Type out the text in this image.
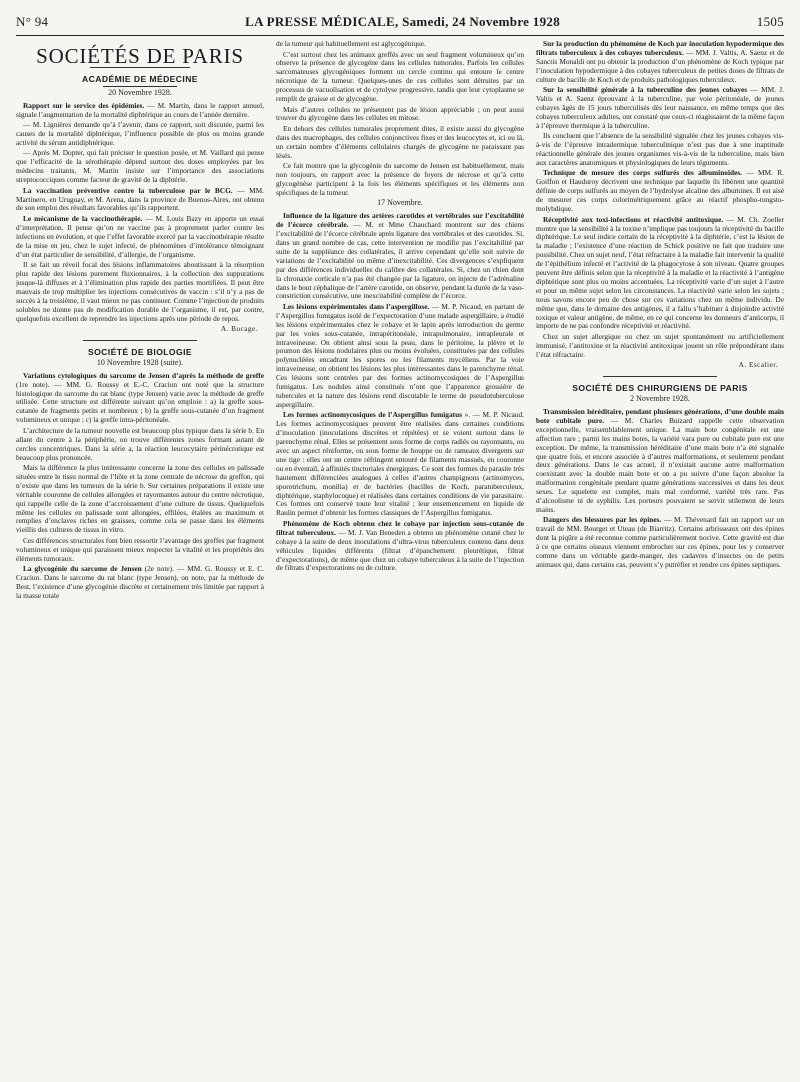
N° 94	LA PRESSE MÉDICALE, Samedi, 24 Novembre 1928	1505
SOCIÉTÉS DE PARIS
ACADÉMIE DE MÉDECINE
20 Novembre 1928.

Rapport sur le service des épidémies. — M. Martin, dans le rapport annuel, signale l’augmentation de la mortalité diphtérique au cours de l’année dernière.

— M. Lignières demande qu’à l’avenir, dans ce rapport, soit discutée, parmi les causes de la mortalité diphtérique, l’influence possible de plus ou moins grande activité du sérum antidiphtérique.

— Après M. Dopter, qui fait préciser le question posée, et M. Vaillard qui pense que l’efficacité de la sérothérapie dépend surtout des doses employées par les médecins traitants, M. Martin insiste sur l’importance des associations streptococciques comme facteur de gravité de la diphtérie.

La vaccination préventive contre la tuberculose par le BCG. — MM. Martinero, en Uruguay, et M. Arena, dans la province de Buenos-Aires, ont obtenu de son emploi des résultats favorables qu’ils rapportent.

Le mécanisme de la vaccinothérapie. — M. Louis Bazy en apporte un essai d’interprétation. Il pense qu’on ne vaccine pas à proprement parler contre les infections en évolution, et que l’effet favorable exercé par la vaccinothérapie résulte de la mise en jeu, chez le sujet infecté, de phénomènes d’intolérance témoignant d’un état particulier de sensibilité, d’allergie, de l’organisme.

Il se fait un réveil focal des lésions inflammatoires aboutissant à la résorption plus rapide des lésions purement fluxionnaires, à la collection des suppurations jusque-là diffuses et à l’élimination plus rapide des parties mortifiées. Il peut être mauvais de trop multiplier les injections consécutives de vaccin : s’il n’y a pas de succès à la troisième, il vaut mieux ne pas continuer. Comme l’injection de produits solubles ne donne pas de modification durable de l’organisme, il est, par contre, quelquefois excellent de reprendre les injections après une période de repos.

A. Bocage.
SOCIÉTÉ DE BIOLOGIE
10 Novembre 1928 (suite).

Variations cytologiques du sarcome de Jensen d’après la méthode de greffe (1re note). — MM. G. Roussy et E.-C. Craciun ont noté que la structure histologique du sarcome du rat blanc (type Jensen) varie avec la méthode de greffe utilisée. Cette structure est différente suivant qu’on emploie : a) la greffe sous-cutanée de fragments petits et nombreux ; b) la greffe sous-cutanée d’un fragment volumineux et unique ; c) la greffe intra-péritonéale.

L’architecture de la tumeur nouvelle est beaucoup plus typique dans la série b. En allant du centre à la périphérie, on trouve différentes zones formant autant de cercles concentriques. Dans la série a, la réaction leucocytaire périnécrotique est beaucoup plus prononcée.

Mais la différence la plus intéressante concerne la zone des cellules en palissade situées entre le tissu normal de l’hôte et la zone centrale de nécrose du greffon, qui n’existe que dans les tumeurs de la série b. Sur certaines préparations il existe une véritable couronne de cellules allongées et rayonnantes autour du centre nécrotique, qui rappelle celle de la zone d’accroissement d’une culture de tissus. Quelquefois même les cellules en palissade sont allongées, effilées, étalées au maximum et remplies d’enclaves riches en graisses, comme cela se passe dans les éléments vieillis des cultures de tissus in vitro.

Ces différences structurales font bien ressortir l’avantage des greffes par fragment volumineux et unique qui paraissent mieux respecter la vitalité et les propriétés des éléments tumoraux.

La glycogénie du sarcome de Jensen (2e note). — MM. G. Roussy et E. C. Craciun. Dans le sarcome du rat blanc (type Jensen), on note, par la méthode de Best, l’existence d’une glycogénie discrète et certainement très limitée par rapport à la masse totale

de la tumeur qui habituellement est aglycogénique.

C’est surtout chez les animaux greffés avec un seul fragment volumineux qu’on observe la présence de glycogène dans les cellules tumorales. Parfois les cellules sarcomateuses glycogéniques forment un cercle continu qui entoure le centre nécrotique de la tumeur. Quelques-unes de ces cellules sont détruites par un processus de vacuolisation et de cytolyse progressive, tandis que leur cytoplasme se remplit de graisse et de glycogène.

Mais d’autres cellules ne présentent pas de lésion appréciable ; on peut aussi trouver du glycogène dans les cellules en mitose.

En dehors des cellules tumorales proprement dites, il existe aussi du glycogène dans des macrophages, des cellules conjonctives fixes et des leucocytes et, ici ou là, un certain nombre d’éléments cellulaires chargés de glycogène ne paraissant pas lésés.

Ce fait montre que la glycogénie du sarcome de Jensen est habituellement, mais non toujours, en rapport avec la présence de foyers de nécrose et qu’à cette glycogénèse participent à la fois les éléments spécifiques et les éléments non spécifiques de la tumeur.

17 Novembre.

Influence de la ligature des artères carotides et vertébrales sur l’excitabilité de l’écorce cérébrale. — M. et Mme Chauchard montrent sur des chiens l’excitabilité de l’écorce cérébrale après ligature des vertébrales et des carotides. Si, dans un grand nombre de cas, cette intervention ne modifie pas l’excitabilité par suite de la suppléance des collatérales, il arrive cependant qu’elle soit suivie de variations de l’excitabilité ou même d’inexcitabilité. Ces divergences s’expliquent par des différences individuelles du calibre des collatérales. Si, chez un chien dont la chronaxie corticale n’a pas été changée par la ligature, on injecte de l’adrénaline dans le bout céphalique de l’artère carotide, on observe, pendant la durée de la vaso-constriction consécutive, une inexcitabilité complète de l’écorce.

Les lésions expérimentales dans l’aspergillose. — M. P. Nicaud, en partant de l’Aspergillus fumigatus isolé de l’expectoration d’une malade aspergillaire, a étudié les lésions expérimentales chez le cobaye et le lapin après introduction du germe par les voies sous-cutanée, intrapéritonéale, intrapulmonaire, intrapleurale et intraveineuse. On obtient ainsi sous la peau, dans le péritoine, la plèvre et le poumon des lésions nodulaires plus ou moins évoluées, constituées par des cellules polynucléées encadrant les spores ou les filaments mycéliens. Par la voie intraveineuse, on obtient les lésions les plus intéressantes dans le parenchyme rénal. Ces lésions sont centrées par des formes actinomycosiques de l’Aspergillus fumigatus. Les nodules ainsi constitués n’ont que l’apparence grossière de tubercules et la nature des lésions rend discutable le terme de pseudotuberculose aspergillaire.

Les formes actinomycosiques de l’Aspergillus fumigatus ». — M. P. Nicaud. Les formes actinomycosiques peuvent être réalisées dans certaines conditions d’inoculation (inoculations discrètes et répétées) et se voient surtout dans le parenchyme rénal. Elles se présentent sous forme de corps radiés ou rayonnants, ou avec un aspect réniforme, ou sous forme de houppe ou de rameaux divergents sur une tige : elles ont un centre réfringent entouré de filaments massués, en couronne ou en éventail, à affinités tinctoriales énergiques. Ce sont des formes du parasite très hautement différenciées analogues à celles d’autres champignons (actinomyces, sporotrichum, monilia) et de bactéries (bacilles de Koch, paratuberculeux, diphtérique, staphylocoque) et réalisées dans certaines conditions de vie parasitaire. Ces formes ont conservé toute leur vitalité ; leur ensemencement en liquide de Raulin permet d’obtenir les formes classiques de l’Aspergillus fumigatus.

Phénomène de Koch obtenu chez le cobaye par injection sous-cutanée de filtrat tuberculeux. — M. J. Van Beneden a obtenu un phénomène cutané chez le cobaye à la suite de deux inoculations d’ultra-virus tuberculeux contenu dans deux véhicules liquides différents (filtrat d’épanchement pleurétique, filtrat d’expectorations), de même que chez un cobaye tuberculeux à la suite de l’injection de filtrats d’expectorations ou de culture.

Sur la production du phénomène de Koch par inoculation hypodermique des filtrats tuberculeux à des cobayes tuberculeux. — MM. J. Valtis, A. Saenz et de Sanctis Monaldi ont pu obtenir la production d’un phénomène de Koch typique par l’inoculation hypodermique à des cobayes tuberculeux de petites doses de filtrats de culture de bacille de Koch et de produits pathologiques tuberculeux.

Sur la sensibilité générale à la tuberculine des jeunes cobayes — MM. J. Valtis et A. Saenz éprouvant à la tuberculine, par voie péritonéale, de jeunes cobayes âgés de 15 jours tuberculisés dès leur naissance, en même temps que des cobayes tuberculeux adultes, ont constaté que ceux-ci réagissaient de la même façon à l’épreuve thermique à la tuberculine.

Ils concluent que l’absence de la sensibilité signalée chez les jeunes cobayes vis-à-vis de l’épreuve intradermique tuberculinique n’est pas due à une inaptitude réactionnelle générale des jeunes organismes vis-à-vis de la tuberculine, mais bien aux caractères anatomiques et physiologiques de leurs téguments.

Technique de mesure des corps sulfurés des albuminoïdes. — MM. R. Goiffon et Hauduroy décrivent une technique par laquelle ils libèrent une quantité définie de corps sulfurés au moyen de l’hydrolyse alcaline des albumines. Il est aisé de mesurer ces corps colorimétriquement grâce au réactif phospho-tungsto-molybdique.

Réceptivité aux toxi-infections et réactivité antitoxique. — M. Ch. Zoeller montre que la sensibilité à la toxine n’implique pas toujours la réceptivité du bacille diphtérique. Le seul indice certain de la réceptivité à la diphtérie, c’est la lésion de la maladie ; l’existence d’une réaction de Schick positive ne fait que traduire une possibilité. Chez un sujet neuf, l’état réfractaire à la maladie fait intervenir la qualité de l’épithélium infecté et l’activité de la phagocytose à son niveau. Quatre groupes peuvent être définis selon que la réceptivité à la maladie et la réactivité à l’antigène diphtérique sont plus ou moins accentuées. La réceptivité varie d’un sujet à l’autre et pour un même sujet selon les circonstances. La réactivité varie selon les sujets ; nous savons encore peu de chose sur ces variations chez un même individu. De même que, dans le domaine des antigènes, il a fallu s’habituer à disjoindre activité toxique et valeur antigène, de même, en ce qui concerne les donneurs d’anticorps, il importe de ne pas confondre réceptivité et réactivité.

Chez un sujet allergique ou chez un sujet spontanément ou artificiellement immunisé, l’antitoxine et la réactivité antitoxique jouent un rôle prépondérant dans l’état réfractaire.

A. Escalier.
SOCIÉTÉ DES CHIRURGIENS DE PARIS
2 Novembre 1928.

Transmission héréditaire, pendant plusieurs générations, d’une double main bote cubitale pure. — M. Charles Buizard rappelle cette observation exceptionnelle, vraisemblablement unique. La main bote congénitale est une affection rare ; parmi les mains botes, la variété vara pure ou cubitale pure est une exception. De même, la transmission héréditaire d’une main bote n’a été signalée que quatre fois, et encore associée à d’autres malformations, et seulement pendant deux générations. Dans le cas actuel, il n’existait aucune autre malformation coexistant avec la double main bote et on a pu suivre d’une façon absolue la malformation congénitale pendant quatre générations successives et dans les deux sexes. Le squelette est complet, mais mal conformé, variété très rare. Pas d’alcoolisme ni de syphilis. Les porteurs pouvaient se servir utilement de leurs mains.

Dangers des blessures par les épines. — M. Thévenard fait un rapport sur un travail de MM. Bourget et Uteau (de Biarritz). Certains arbrisseaux ont des épines dont la piqûre a été reconnue comme particulièrement nocive. Cette gravité est due à ce que certains oiseaux viennent embrocher sur ces épines, pour les y conserver comme dans un véritable garde-manger, des cadavres d’insectes ou de petits animaux qui, dans certains cas, peuvent s’y putréfier et rendre ces épines septiques.
